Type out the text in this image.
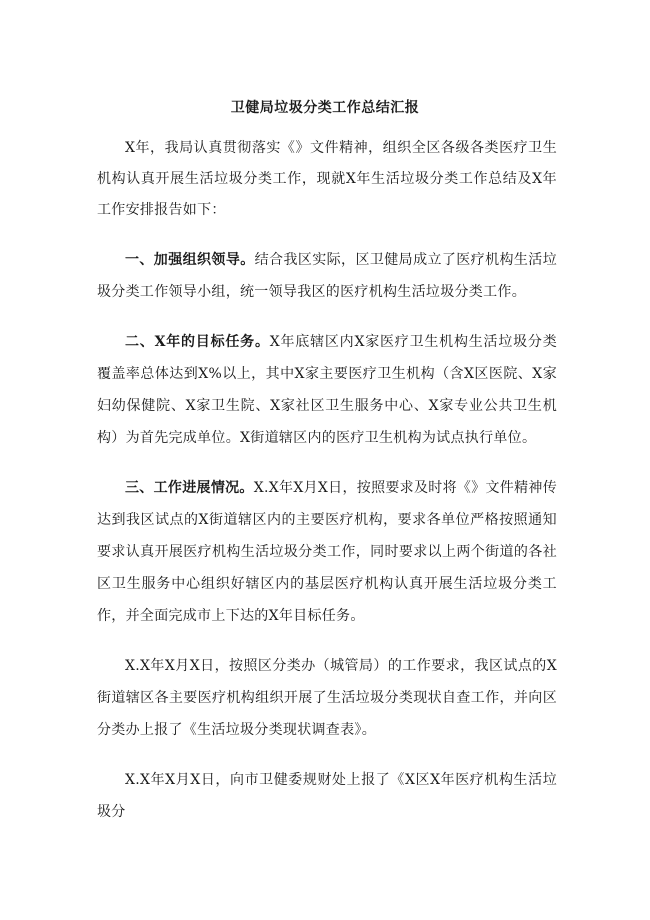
卫健局垃圾分类工作总结汇报

X年，我局认真贯彻落实《》文件精神，组织全区各级各类医疗卫生机构认真开展生活垃圾分类工作，现就X年生活垃圾分类工作总结及X年工作安排报告如下：

一、加强组织领导。结合我区实际，区卫健局成立了医疗机构生活垃圾分类工作领导小组，统一领导我区的医疗机构生活垃圾分类工作。

二、X年的目标任务。X年底辖区内X家医疗卫生机构生活垃圾分类覆盖率总体达到X%以上，其中X家主要医疗卫生机构（含X区医院、X家妇幼保健院、X家卫生院、X家社区卫生服务中心、X家专业公共卫生机构）为首先完成单位。X街道辖区内的医疗卫生机构为试点执行单位。

三、工作进展情况。X.X年X月X日，按照要求及时将《》文件精神传达到我区试点的X街道辖区内的主要医疗机构，要求各单位严格按照通知要求认真开展医疗机构生活垃圾分类工作，同时要求以上两个街道的各社区卫生服务中心组织好辖区内的基层医疗机构认真开展生活垃圾分类工作，并全面完成市上下达的X年目标任务。

X.X年X月X日，按照区分类办（城管局）的工作要求，我区试点的X街道辖区各主要医疗机构组织开展了生活垃圾分类现状自查工作，并向区分类办上报了《生活垃圾分类现状调查表》。

X.X年X月X日，向市卫健委规财处上报了《X区X年医疗机构生活垃圾分
